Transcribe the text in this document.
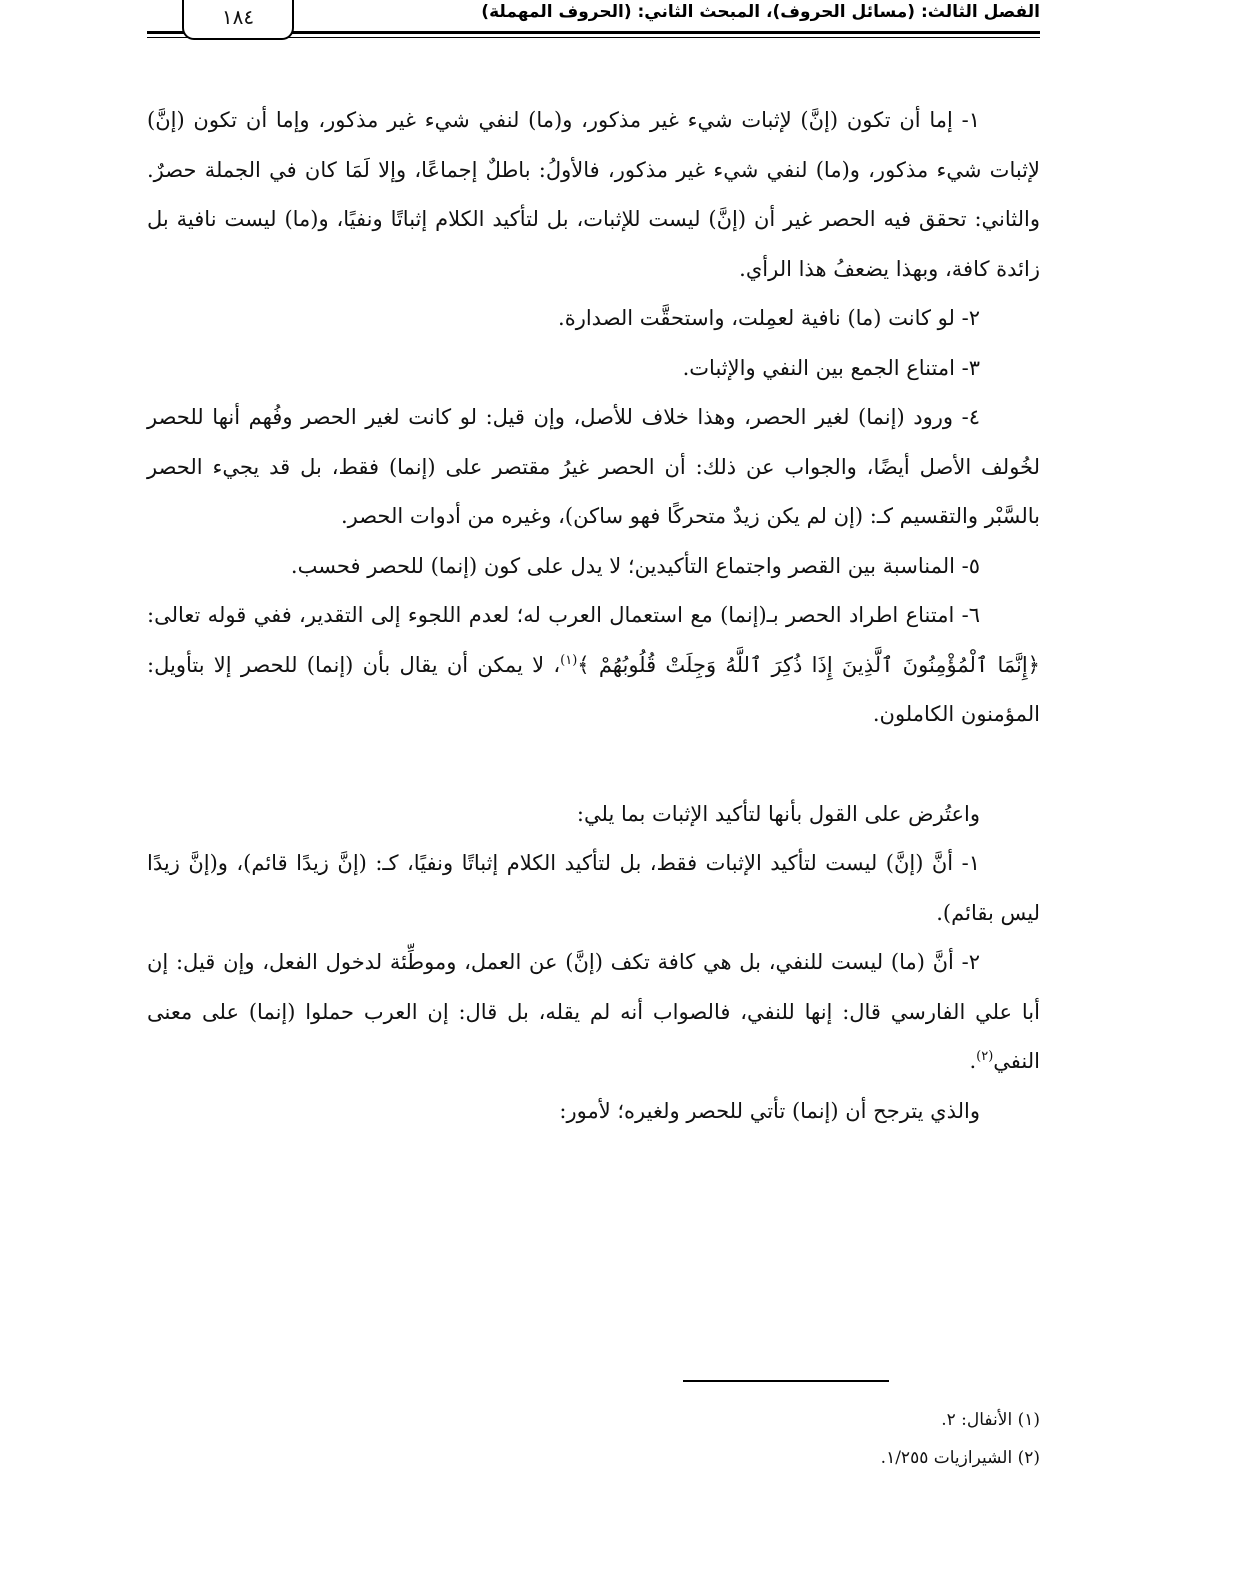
١٨٤	الفصل الثالث: (مسائل الحروف)، المبحث الثاني: (الحروف المهملة)

١- إما أن تكون (إنَّ) لإثبات شيء غير مذكور، و(ما) لنفي شيء غير مذكور، وإما أن تكون (إنَّ) لإثبات شيء مذكور، و(ما) لنفي شيء غير مذكور، فالأولُ: باطلٌ إجماعًا، وإلا لَمَا كان في الجملة حصرٌ. والثاني: تحقق فيه الحصر غير أن (إنَّ) ليست للإثبات، بل لتأكيد الكلام إثباتًا ونفيًا، و(ما) ليست نافية بل زائدة كافة، وبهذا يضعفُ هذا الرأي.

٢- لو كانت (ما) نافية لعمِلت، واستحقَّت الصدارة.

٣- امتناع الجمع بين النفي والإثبات.

٤- ورود (إنما) لغير الحصر، وهذا خلاف للأصل، وإن قيل: لو كانت لغير الحصر وفُهم أنها للحصر لخُولف الأصل أيضًا، والجواب عن ذلك: أن الحصر غيرُ مقتصر على (إنما) فقط، بل قد يجيء الحصر بالسَّبْر والتقسيم كـ: (إن لم يكن زيدٌ متحركًا فهو ساكن)، وغيره من أدوات الحصر.

٥- المناسبة بين القصر واجتماع التأكيدين؛ لا يدل على كون (إنما) للحصر فحسب.

٦- امتناع اطراد الحصر بـ(إنما) مع استعمال العرب له؛ لعدم اللجوء إلى التقدير، ففي قوله تعالى: ﴿إِنَّمَا ٱلْمُؤْمِنُونَ ٱلَّذِينَ إِذَا ذُكِرَ ٱللَّهُ وَجِلَتْ قُلُوبُهُمْ ﴾$^{(١)}$، لا يمكن أن يقال بأن (إنما) للحصر إلا بتأويل: المؤمنون الكاملون.

واعتُرض على القول بأنها لتأكيد الإثبات بما يلي:

١- أنَّ (إنَّ) ليست لتأكيد الإثبات فقط، بل لتأكيد الكلام إثباتًا ونفيًا، كـ: (إنَّ زيدًا قائم)، و(إنَّ زيدًا ليس بقائم).

٢- أنَّ (ما) ليست للنفي، بل هي كافة تكف (إنَّ) عن العمل، وموطِّئة لدخول الفعل، وإن قيل: إن أبا علي الفارسي قال: إنها للنفي، فالصواب أنه لم يقله، بل قال: إن العرب حملوا (إنما) على معنى النفي$^{(٢)}$.

والذي يترجح أن (إنما) تأتي للحصر ولغيره؛ لأمور:

(١) الأنفال: ٢.

(٢) الشيرازيات ١/٢٥٥.
